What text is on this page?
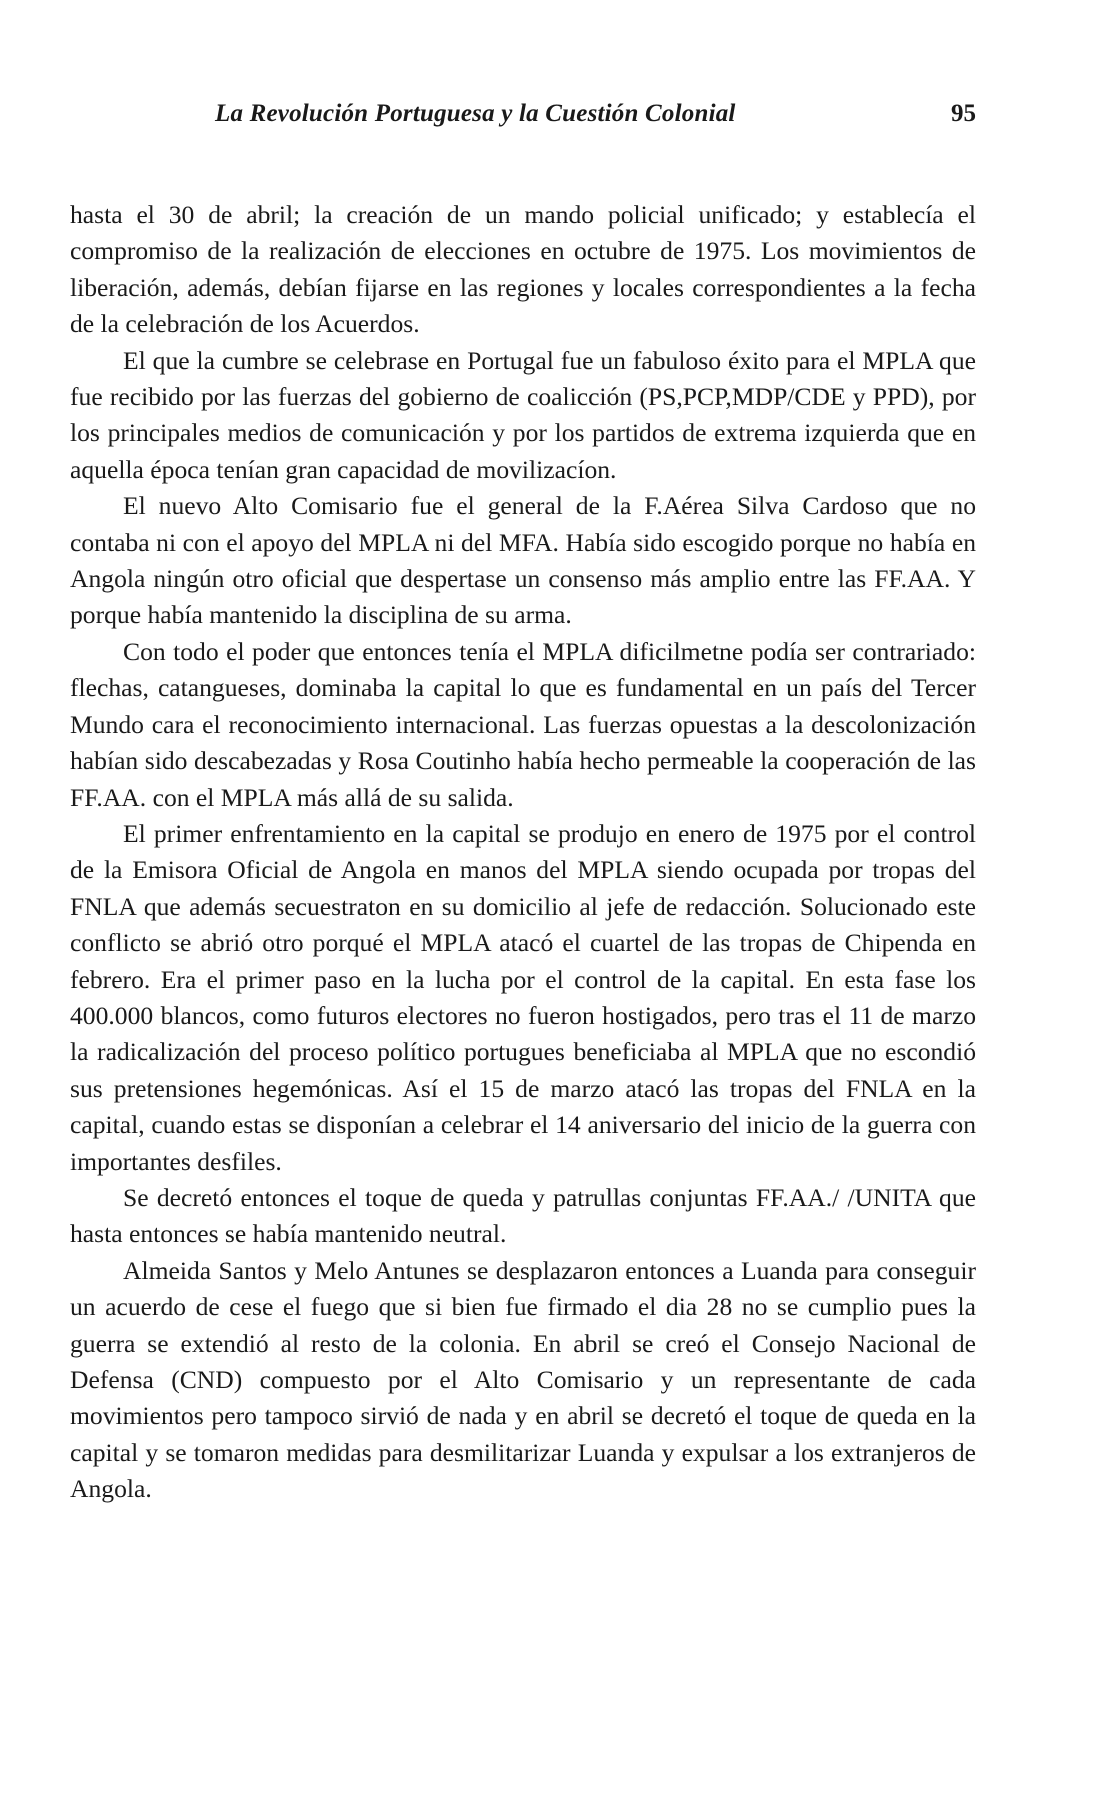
La Revolución Portuguesa y la Cuestión Colonial	95

hasta el 30 de abril; la creación de un mando policial unificado; y establecía el compromiso de la realización de elecciones en octubre de 1975. Los movimientos de liberación, además, debían fijarse en las regiones y locales correspondientes a la fecha de la celebración de los Acuerdos.

El que la cumbre se celebrase en Portugal fue un fabuloso éxito para el MPLA que fue recibido por las fuerzas del gobierno de coalicción (PS,PCP,MDP/CDE y PPD), por los principales medios de comunicación y por los partidos de extrema izquierda que en aquella época tenían gran capacidad de movilizacíon.

El nuevo Alto Comisario fue el general de la F.Aérea Silva Cardoso que no contaba ni con el apoyo del MPLA ni del MFA. Había sido escogido porque no había en Angola ningún otro oficial que despertase un consenso más amplio entre las FF.AA. Y porque había mantenido la disciplina de su arma.

Con todo el poder que entonces tenía el MPLA dificilmetne podía ser contrariado: flechas, catangueses, dominaba la capital lo que es fundamental en un país del Tercer Mundo cara el reconocimiento internacional. Las fuerzas opuestas a la descolonización habían sido descabezadas y Rosa Coutinho había hecho permeable la cooperación de las FF.AA. con el MPLA más allá de su salida.

El primer enfrentamiento en la capital se produjo en enero de 1975 por el control de la Emisora Oficial de Angola en manos del MPLA siendo ocupada por tropas del FNLA que además secuestraton en su domicilio al jefe de redacción. Solucionado este conflicto se abrió otro porqué el MPLA atacó el cuartel de las tropas de Chipenda en febrero. Era el primer paso en la lucha por el control de la capital. En esta fase los 400.000 blancos, como futuros electores no fueron hostigados, pero tras el 11 de marzo la radicalización del proceso político portugues beneficiaba al MPLA que no escondió sus pretensiones hegemónicas. Así el 15 de marzo atacó las tropas del FNLA en la capital, cuando estas se disponían a celebrar el 14 aniversario del inicio de la guerra con importantes desfiles.

Se decretó entonces el toque de queda y patrullas conjuntas FF.AA./ /UNITA que hasta entonces se había mantenido neutral.

Almeida Santos y Melo Antunes se desplazaron entonces a Luanda para conseguir un acuerdo de cese el fuego que si bien fue firmado el dia 28 no se cumplio pues la guerra se extendió al resto de la colonia. En abril se creó el Consejo Nacional de Defensa (CND) compuesto por el Alto Comisario y un representante de cada movimientos pero tampoco sirvió de nada y en abril se decretó el toque de queda en la capital y se tomaron medidas para desmilitarizar Luanda y expulsar a los extranjeros de Angola.
